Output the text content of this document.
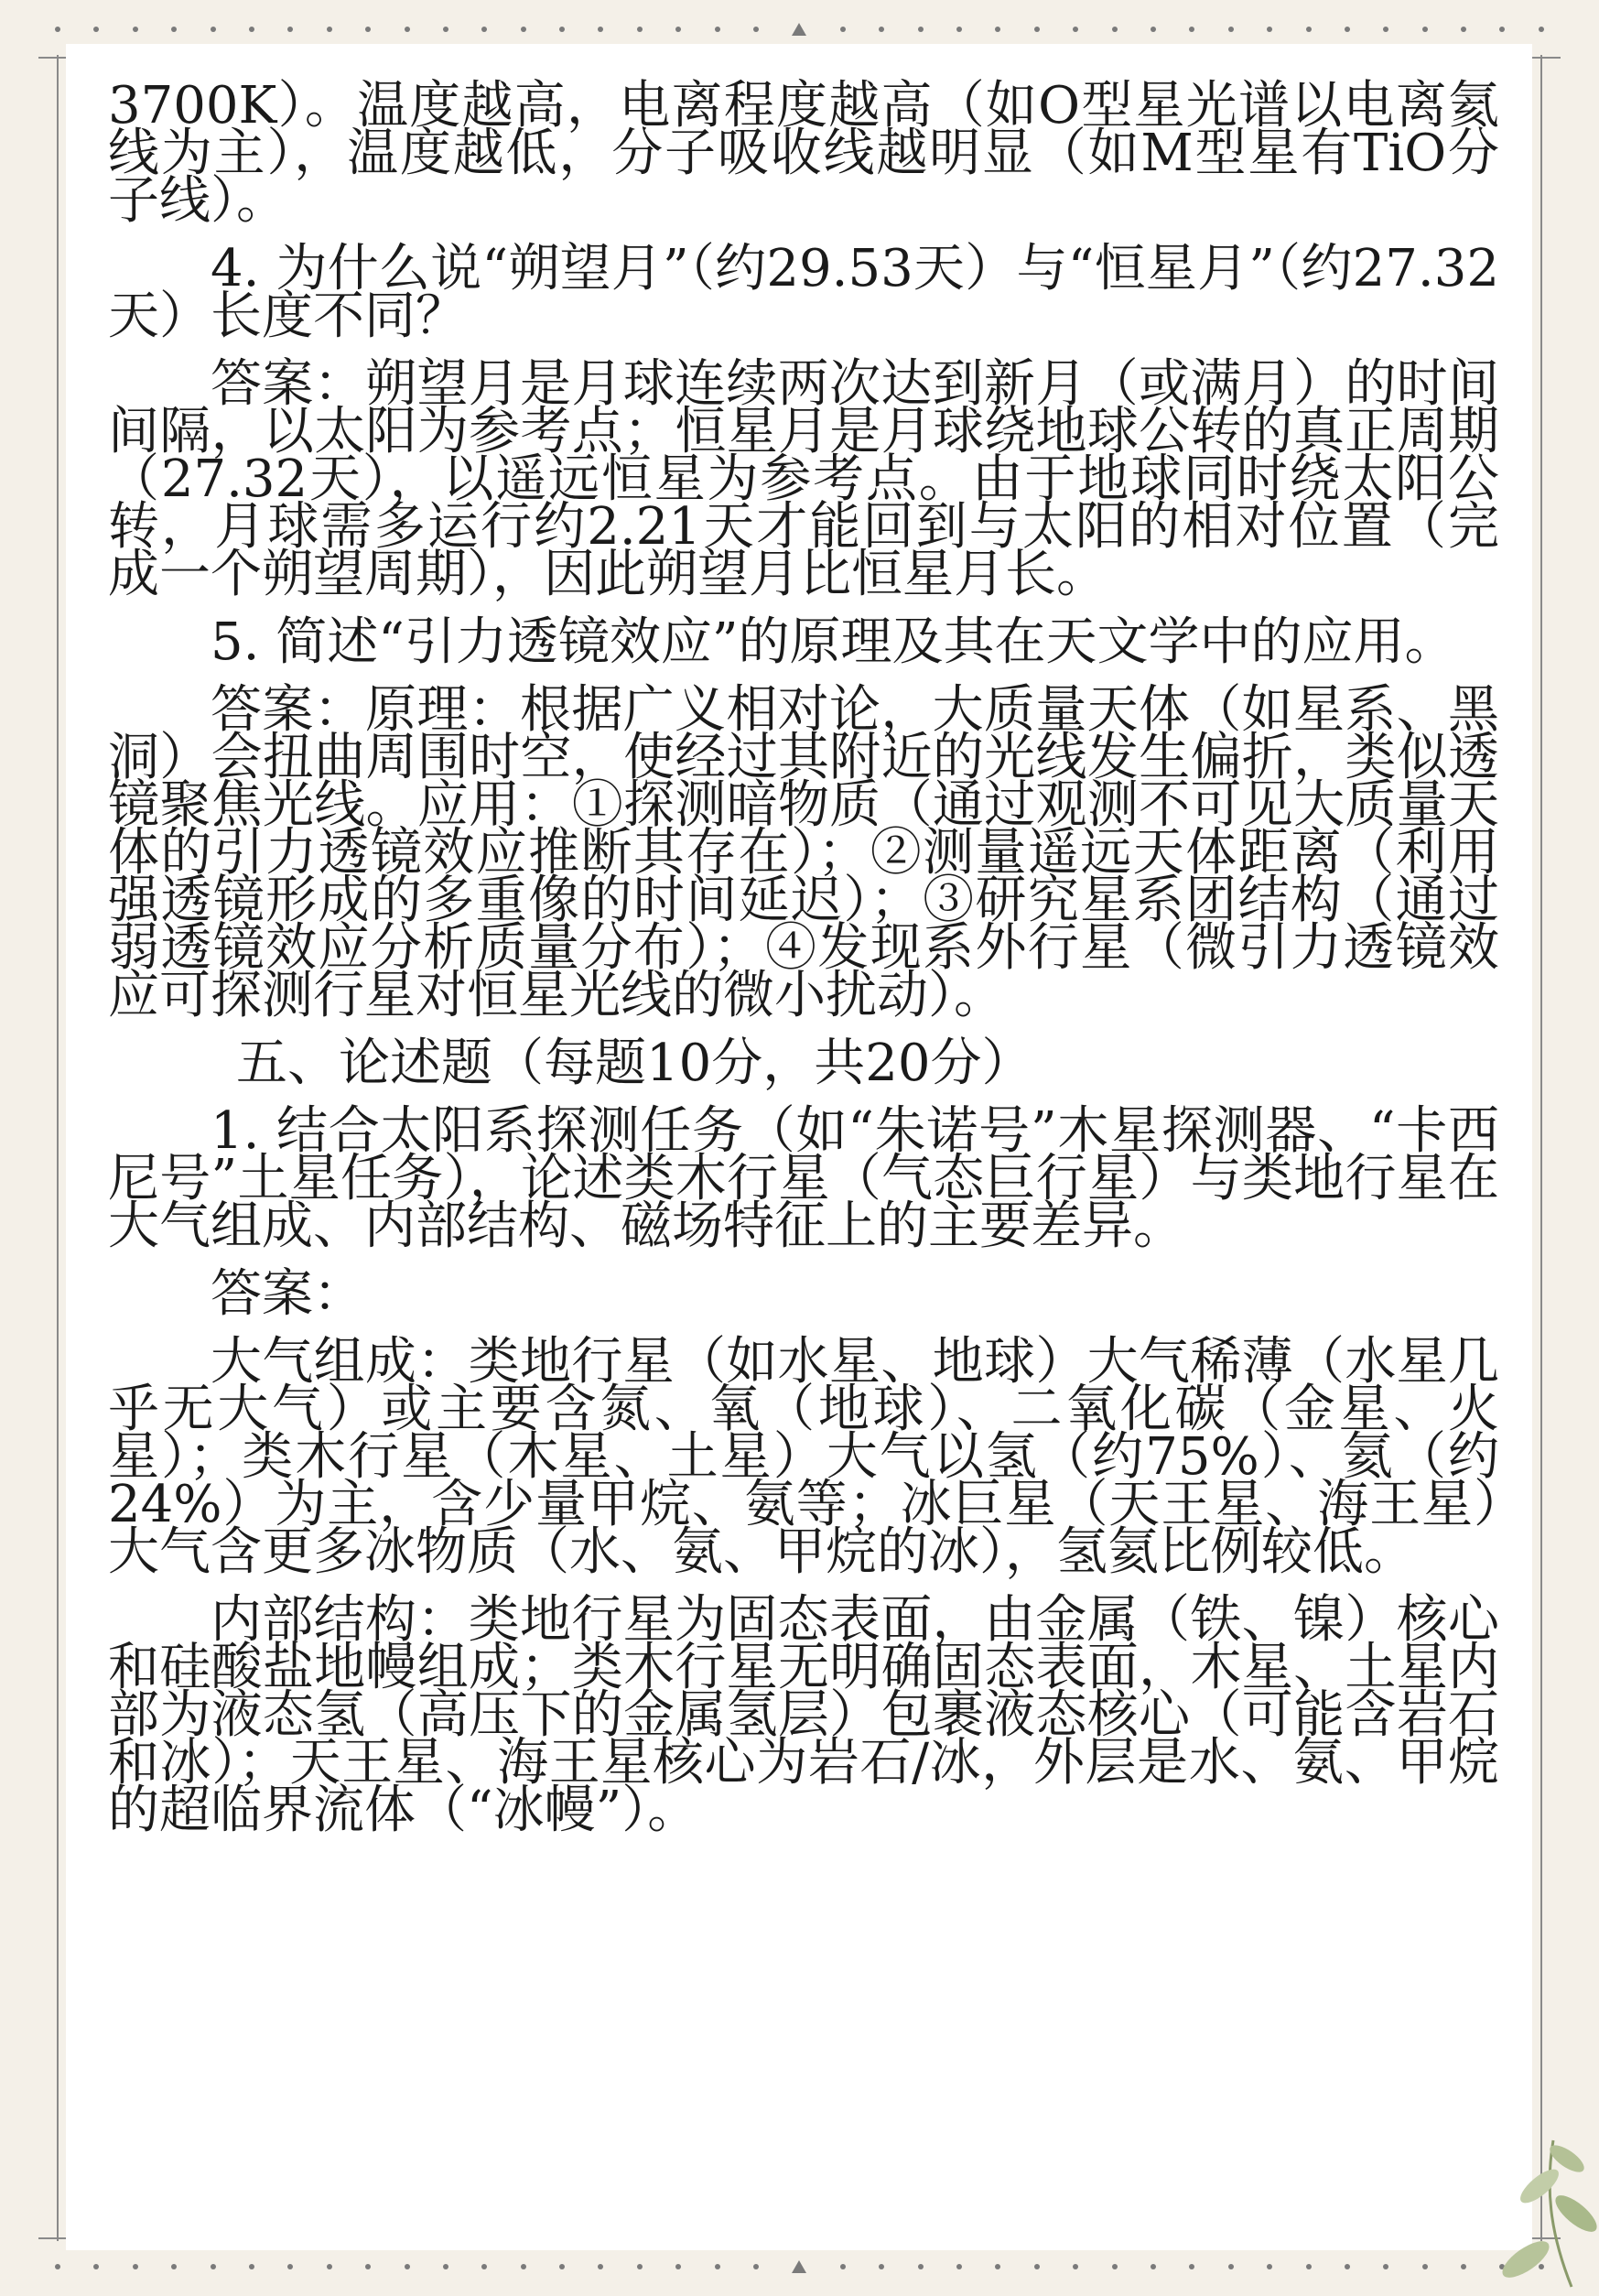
3700K）。温度越高，电离程度越高（如O型星光谱以电离氦线为主），温度越低，分子吸收线越明显（如M型星有TiO分子线）。

4. 为什么说“朔望月”（约29.53天）与“恒星月”（约27.32天）长度不同？

答案：朔望月是月球连续两次达到新月（或满月）的时间间隔，以太阳为参考点；恒星月是月球绕地球公转的真正周期（27.32天），以遥远恒星为参考点。由于地球同时绕太阳公转，月球需多运行约2.21天才能回到与太阳的相对位置（完成一个朔望周期），因此朔望月比恒星月长。

5. 简述“引力透镜效应”的原理及其在天文学中的应用。

答案：原理：根据广义相对论，大质量天体（如星系、黑洞）会扭曲周围时空，使经过其附近的光线发生偏折，类似透镜聚焦光线。应用：①探测暗物质（通过观测不可见大质量天体的引力透镜效应推断其存在）；②测量遥远天体距离（利用强透镜形成的多重像的时间延迟）；③研究星系团结构（通过弱透镜效应分析质量分布）；④发现系外行星（微引力透镜效应可探测行星对恒星光线的微小扰动）。

五、论述题（每题10分，共20分）

1. 结合太阳系探测任务（如“朱诺号”木星探测器、“卡西尼号”土星任务），论述类木行星（气态巨行星）与类地行星在大气组成、内部结构、磁场特征上的主要差异。

答案：

大气组成：类地行星（如水星、地球）大气稀薄（水星几乎无大气）或主要含氮、氧（地球）、二氧化碳（金星、火星）；类木行星（木星、土星）大气以氢（约75%）、氦（约24%）为主，含少量甲烷、氨等；冰巨星（天王星、海王星）大气含更多冰物质（水、氨、甲烷的冰），氢氦比例较低。

内部结构：类地行星为固态表面，由金属（铁、镍）核心和硅酸盐地幔组成；类木行星无明确固态表面，木星、土星内部为液态氢（高压下的金属氢层）包裹液态核心（可能含岩石和冰）；天王星、海王星核心为岩石/冰，外层是水、氨、甲烷的超临界流体（“冰幔”）。
